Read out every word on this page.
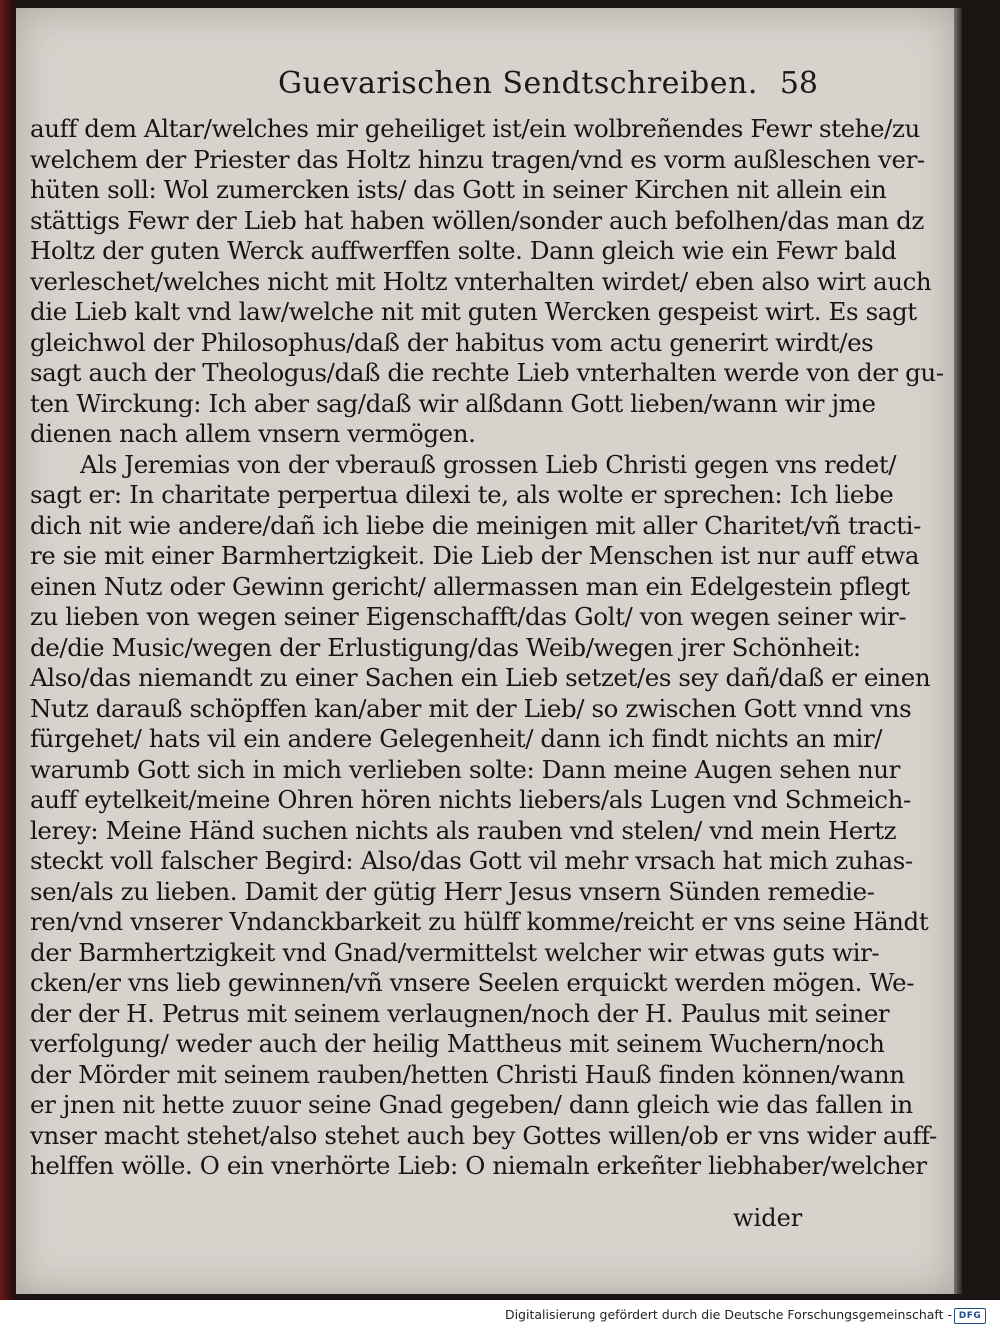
Guevarischen Sendtschreiben. 58
auff dem Altar/welches mir geheiliget ist/ein wolbreñendes Fewr stehe/zu
welchem der Priester das Holtz hinzu tragen/vnd es vorm außleschen ver-
hüten soll: Wol zumercken ists/ das Gott in seiner Kirchen nit allein ein
stättigs Fewr der Lieb hat haben wöllen/sonder auch befolhen/das man dz
Holtz der guten Werck auffwerffen solte. Dann gleich wie ein Fewr bald
verleschet/welches nicht mit Holtz vnterhalten wirdet/ eben also wirt auch
die Lieb kalt vnd law/welche nit mit guten Wercken gespeist wirt. Es sagt
gleichwol der Philosophus/daß der habitus vom actu generirt wirdt/es
sagt auch der Theologus/daß die rechte Lieb vnterhalten werde von der gu-
ten Wirckung: Ich aber sag/daß wir alßdann Gott lieben/wann wir jme
dienen nach allem vnsern vermögen.
Als Jeremias von der vberauß grossen Lieb Christi gegen vns redet/
sagt er: In charitate perpertua dilexi te, als wolte er sprechen: Ich liebe
dich nit wie andere/dañ ich liebe die meinigen mit aller Charitet/vñ tracti-
re sie mit einer Barmhertzigkeit. Die Lieb der Menschen ist nur auff etwa
einen Nutz oder Gewinn gericht/ allermassen man ein Edelgestein pflegt
zu lieben von wegen seiner Eigenschafft/das Golt/ von wegen seiner wir-
de/die Music/wegen der Erlustigung/das Weib/wegen jrer Schönheit:
Also/das niemandt zu einer Sachen ein Lieb setzet/es sey dañ/daß er einen
Nutz darauß schöpffen kan/aber mit der Lieb/ so zwischen Gott vnnd vns
fürgehet/ hats vil ein andere Gelegenheit/ dann ich findt nichts an mir/
warumb Gott sich in mich verlieben solte: Dann meine Augen sehen nur
auff eytelkeit/meine Ohren hören nichts liebers/als Lugen vnd Schmeich-
lerey: Meine Händ suchen nichts als rauben vnd stelen/ vnd mein Hertz
steckt voll falscher Begird: Also/das Gott vil mehr vrsach hat mich zuhas-
sen/als zu lieben. Damit der gütig Herr Jesus vnsern Sünden remedie-
ren/vnd vnserer Vndanckbarkeit zu hülff komme/reicht er vns seine Händt
der Barmhertzigkeit vnd Gnad/vermittelst welcher wir etwas guts wir-
cken/er vns lieb gewinnen/vñ vnsere Seelen erquickt werden mögen. We-
der der H. Petrus mit seinem verlaugnen/noch der H. Paulus mit seiner
verfolgung/ weder auch der heilig Mattheus mit seinem Wuchern/noch
der Mörder mit seinem rauben/hetten Christi Hauß finden können/wann
er jnen nit hette zuuor seine Gnad gegeben/ dann gleich wie das fallen in
vnser macht stehet/also stehet auch bey Gottes willen/ob er vns wider auff-
helffen wölle. O ein vnerhörte Lieb: O niemaln erkeñter liebhaber/welcher
wider
Digitalisierung gefördert durch die Deutsche Forschungsgemeinschaft - DFG
